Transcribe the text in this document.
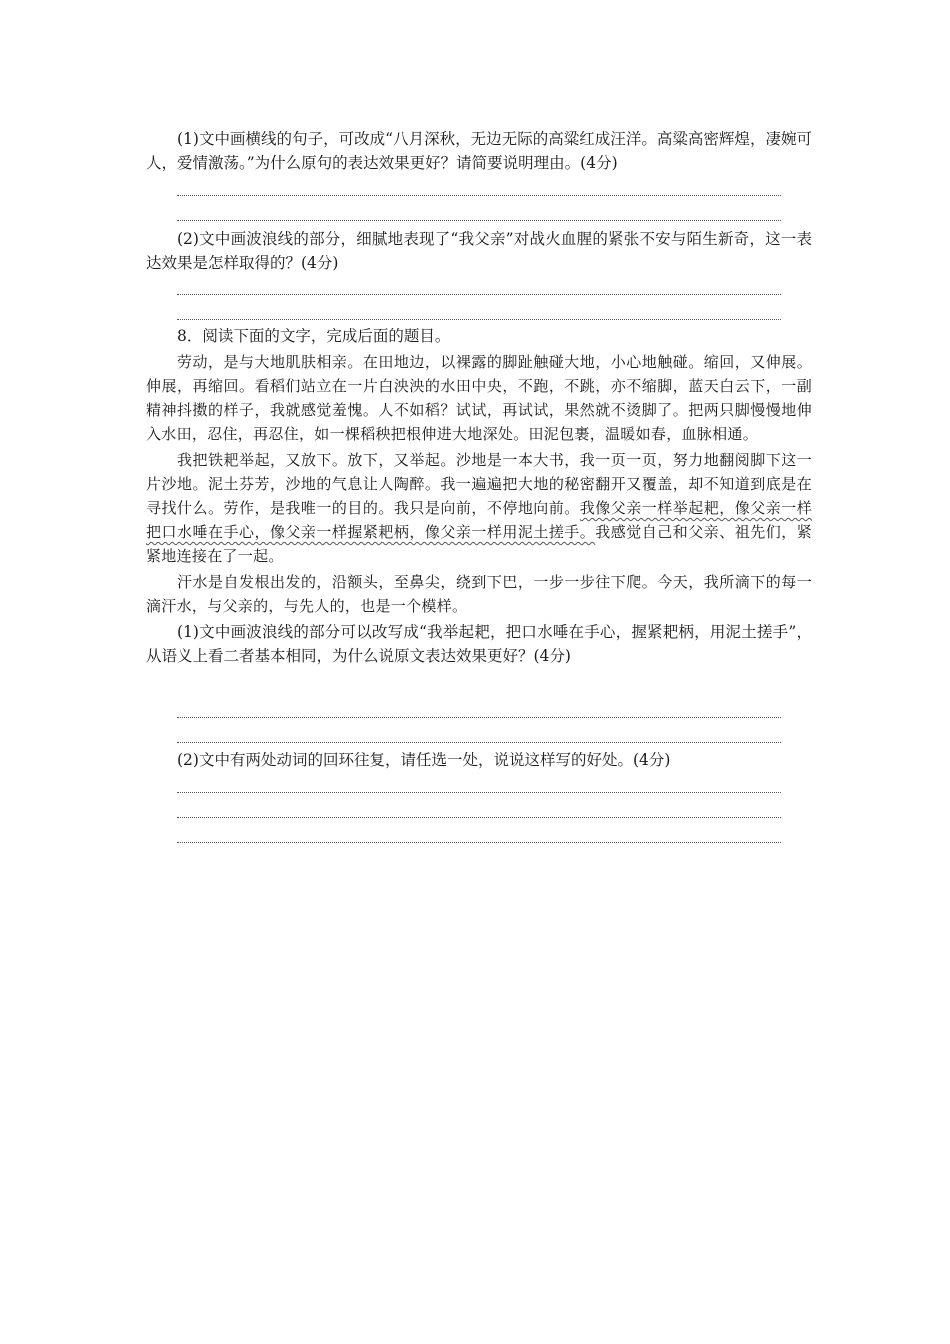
(1)文中画横线的句子，可改成“八月深秋，无边无际的高粱红成汪洋。高粱高密辉煌，凄婉可人，爱情激荡。”为什么原句的表达效果更好？请简要说明理由。(4分)

(2)文中画波浪线的部分，细腻地表现了“我父亲”对战火血腥的紧张不安与陌生新奇，这一表达效果是怎样取得的？(4分)

8．阅读下面的文字，完成后面的题目。

劳动，是与大地肌肤相亲。在田地边，以裸露的脚趾触碰大地，小心地触碰。缩回，又伸展。伸展，再缩回。看稻们站立在一片白泱泱的水田中央，不跑，不跳，亦不缩脚，蓝天白云下，一副精神抖擞的样子，我就感觉羞愧。人不如稻？试试，再试试，果然就不烫脚了。把两只脚慢慢地伸入水田，忍住，再忍住，如一棵稻秧把根伸进大地深处。田泥包裹，温暖如春，血脉相通。

我把铁耙举起，又放下。放下，又举起。沙地是一本大书，我一页一页，努力地翻阅脚下这一片沙地。泥土芬芳，沙地的气息让人陶醉。我一遍遍把大地的秘密翻开又覆盖，却不知道到底是在寻找什么。劳作，是我唯一的目的。我只是向前，不停地向前。我像父亲一样举起耙，像父亲一样把口水唾在手心，像父亲一样握紧耙柄，像父亲一样用泥土搓手。我感觉自己和父亲、祖先们，紧紧地连接在了一起。

汗水是自发根出发的，沿额头，至鼻尖，绕到下巴，一步一步往下爬。今天，我所滴下的每一滴汗水，与父亲的，与先人的，也是一个模样。

(1)文中画波浪线的部分可以改写成“我举起耙，把口水唾在手心，握紧耙柄，用泥土搓手”，从语义上看二者基本相同，为什么说原文表达效果更好？(4分)

(2)文中有两处动词的回环往复，请任选一处，说说这样写的好处。(4分)
